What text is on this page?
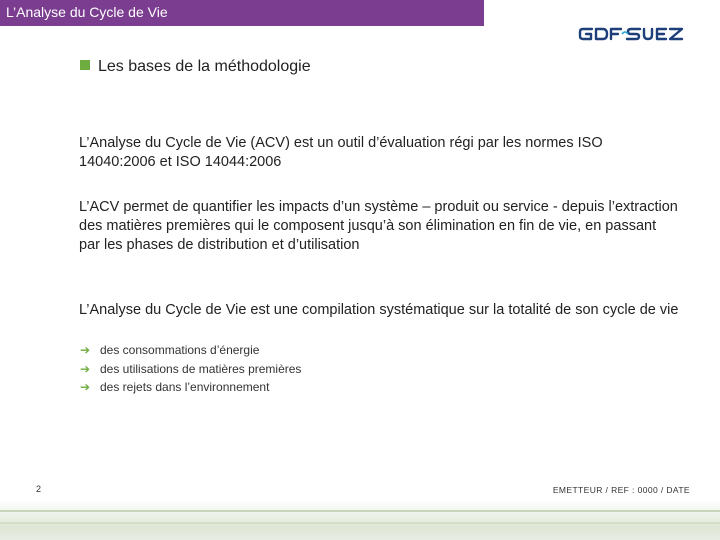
L’Analyse du Cycle de Vie
Les bases de la méthodologie
L’Analyse du Cycle de Vie (ACV) est un outil d’évaluation régi par les normes ISO 14040:2006 et ISO 14044:2006
L’ACV permet de quantifier les impacts d’un système – produit ou service - depuis l’extraction des matières premières qui le composent jusqu’à son élimination en fin de vie, en passant par les phases de distribution et d’utilisation
L’Analyse du Cycle de Vie est une compilation systématique sur la totalité de son cycle de vie
➔ des consommations d’énergie
➔ des utilisations de matières premières
➔ des rejets dans l’environnement
2	EMETTEUR / REF : 0000 / DATE
